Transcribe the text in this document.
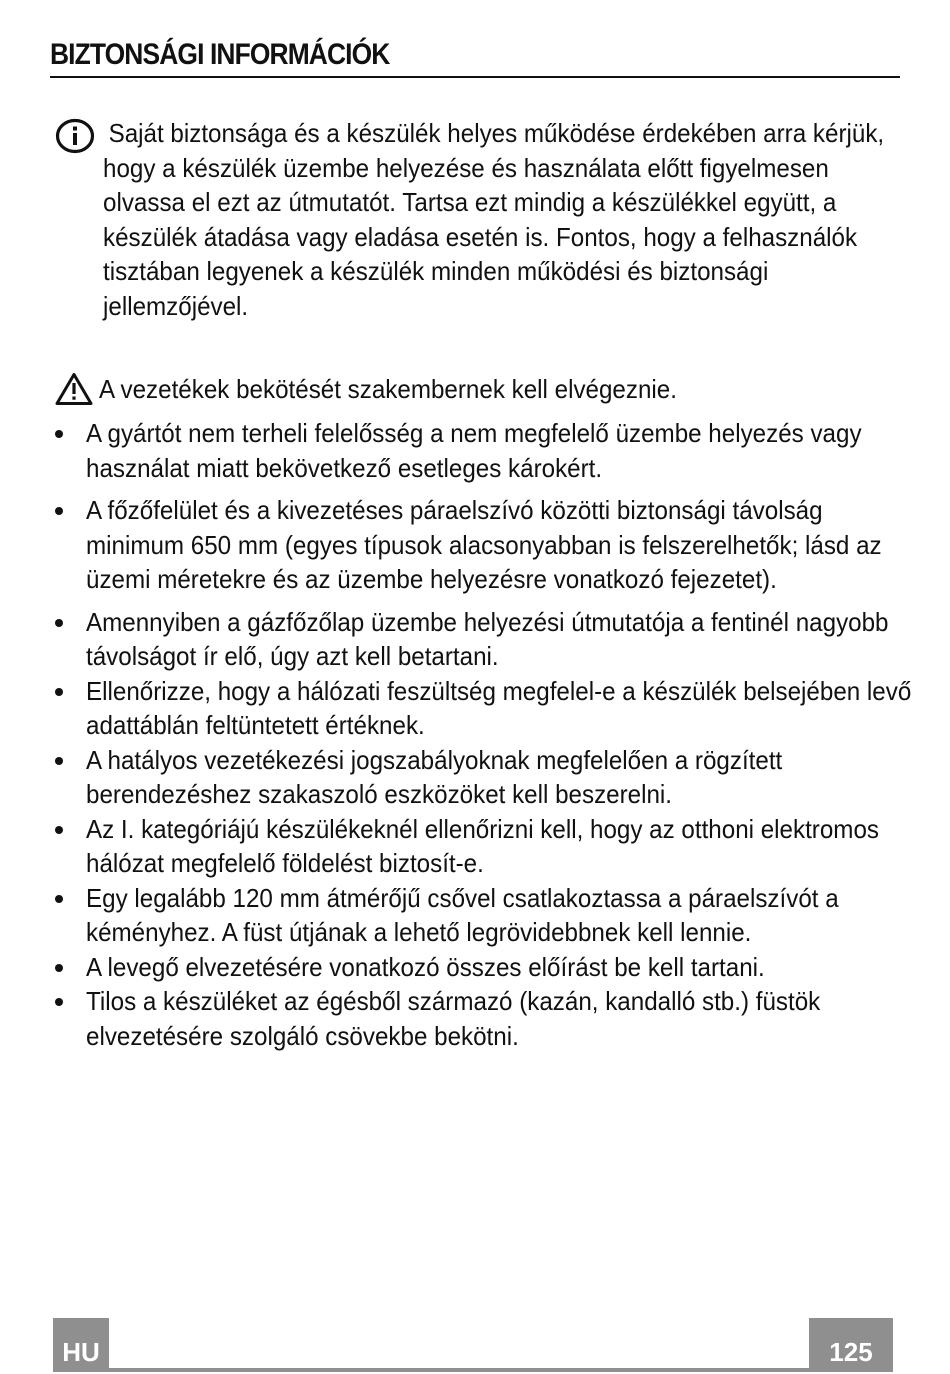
BIZTONSÁGI INFORMÁCIÓK

Saját biztonsága és a készülék helyes működése érdekében arra kérjük, hogy a készülék üzembe helyezése és használata előtt figyelmesen olvassa el ezt az útmutatót. Tartsa ezt mindig a készülékkel együtt, a készülék átadása vagy eladása esetén is. Fontos, hogy a felhasználók tisztában legyenek a készülék minden működési és biztonsági jellemzőjével.

A vezetékek bekötését szakembernek kell elvégeznie.
A gyártót nem terheli felelősség a nem megfelelő üzembe helyezés vagy használat miatt bekövetkező esetleges károkért.
A főzőfelület és a kivezetéses páraelszívó közötti biztonsági távolság minimum 650 mm (egyes típusok alacsonyabban is felszerelhetők; lásd az üzemi méretekre és az üzembe helyezésre vonatkozó fejezetet).
Amennyiben a gázfőzőlap üzembe helyezési útmutatója a fentinél nagyobb távolságot ír elő, úgy azt kell betartani.
Ellenőrizze, hogy a hálózati feszültség megfelel-e a készülék belsejében levő adattáblán feltüntetett értéknek.
A hatályos vezetékezési jogszabályoknak megfelelően a rögzített berendezéshez szakaszoló eszközöket kell beszerelni.
Az I. kategóriájú készülékeknél ellenőrizni kell, hogy az otthoni elektromos hálózat megfelelő földelést biztosít-e.
Egy legalább 120 mm átmérőjű csővel csatlakoztassa a páraelszívót a kéményhez. A füst útjának a lehető legrövidebbnek kell lennie.
A levegő elvezetésére vonatkozó összes előírást be kell tartani.
Tilos a készüléket az égésből származó (kazán, kandalló stb.) füstök elvezetésére szolgáló csövekbe bekötni.
HU	125
